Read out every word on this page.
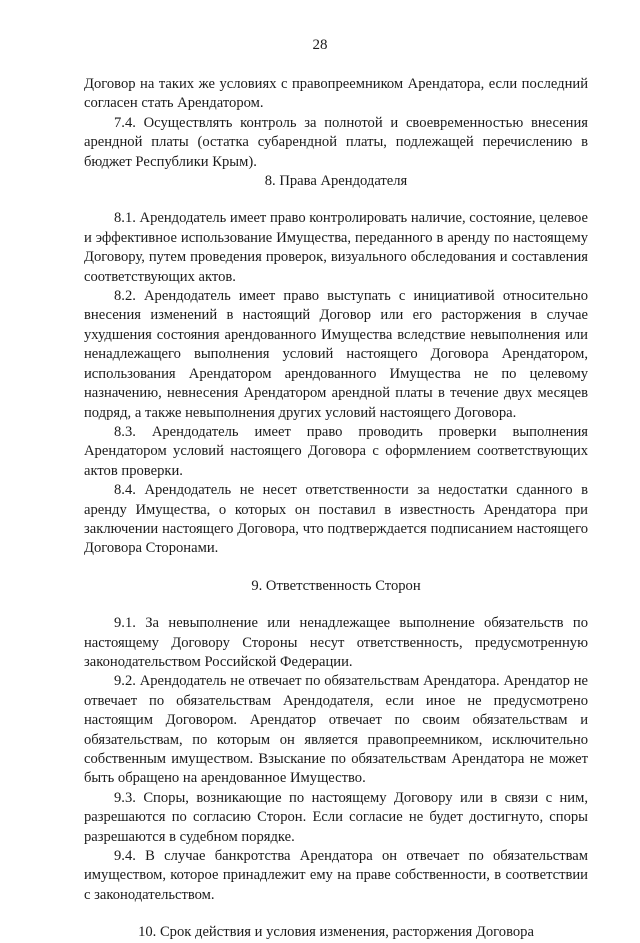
28

Договор на таких же условиях с правопреемником Арендатора, если последний согласен стать Арендатором.

7.4. Осуществлять контроль за полнотой и своевременностью внесения арендной платы (остатка субарендной платы, подлежащей перечислению в бюджет Республики Крым).

8. Права Арендодателя

8.1. Арендодатель имеет право контролировать наличие, состояние, целевое и эффективное использование Имущества, переданного в аренду по настоящему Договору, путем проведения проверок, визуального обследования и составления соответствующих актов.

8.2. Арендодатель имеет право выступать с инициативой относительно внесения изменений в настоящий Договор или его расторжения в случае ухудшения состояния арендованного Имущества вследствие невыполнения или ненадлежащего выполнения условий настоящего Договора Арендатором, использования Арендатором арендованного Имущества не по целевому назначению, невнесения Арендатором арендной платы в течение двух месяцев подряд, а также невыполнения других условий настоящего Договора.

8.3. Арендодатель имеет право проводить проверки выполнения Арендатором условий настоящего Договора с оформлением соответствующих актов проверки.

8.4. Арендодатель не несет ответственности за недостатки сданного в аренду Имущества, о которых он поставил в известность Арендатора при заключении настоящего Договора, что подтверждается подписанием настоящего Договора Сторонами.

9. Ответственность Сторон

9.1. За невыполнение или ненадлежащее выполнение обязательств по настоящему Договору Стороны несут ответственность, предусмотренную законодательством Российской Федерации.

9.2. Арендодатель не отвечает по обязательствам Арендатора. Арендатор не отвечает по обязательствам Арендодателя, если иное не предусмотрено настоящим Договором. Арендатор отвечает по своим обязательствам и обязательствам, по которым он является правопреемником, исключительно собственным имуществом. Взыскание по обязательствам Арендатора не может быть обращено на арендованное Имущество.

9.3. Споры, возникающие по настоящему Договору или в связи с ним, разрешаются по согласию Сторон. Если согласие не будет достигнуто, споры разрешаются в судебном порядке.

9.4. В случае банкротства Арендатора он отвечает по обязательствам имуществом, которое принадлежит ему на праве собственности, в соответствии с законодательством.

10. Срок действия и условия изменения, расторжения Договора
